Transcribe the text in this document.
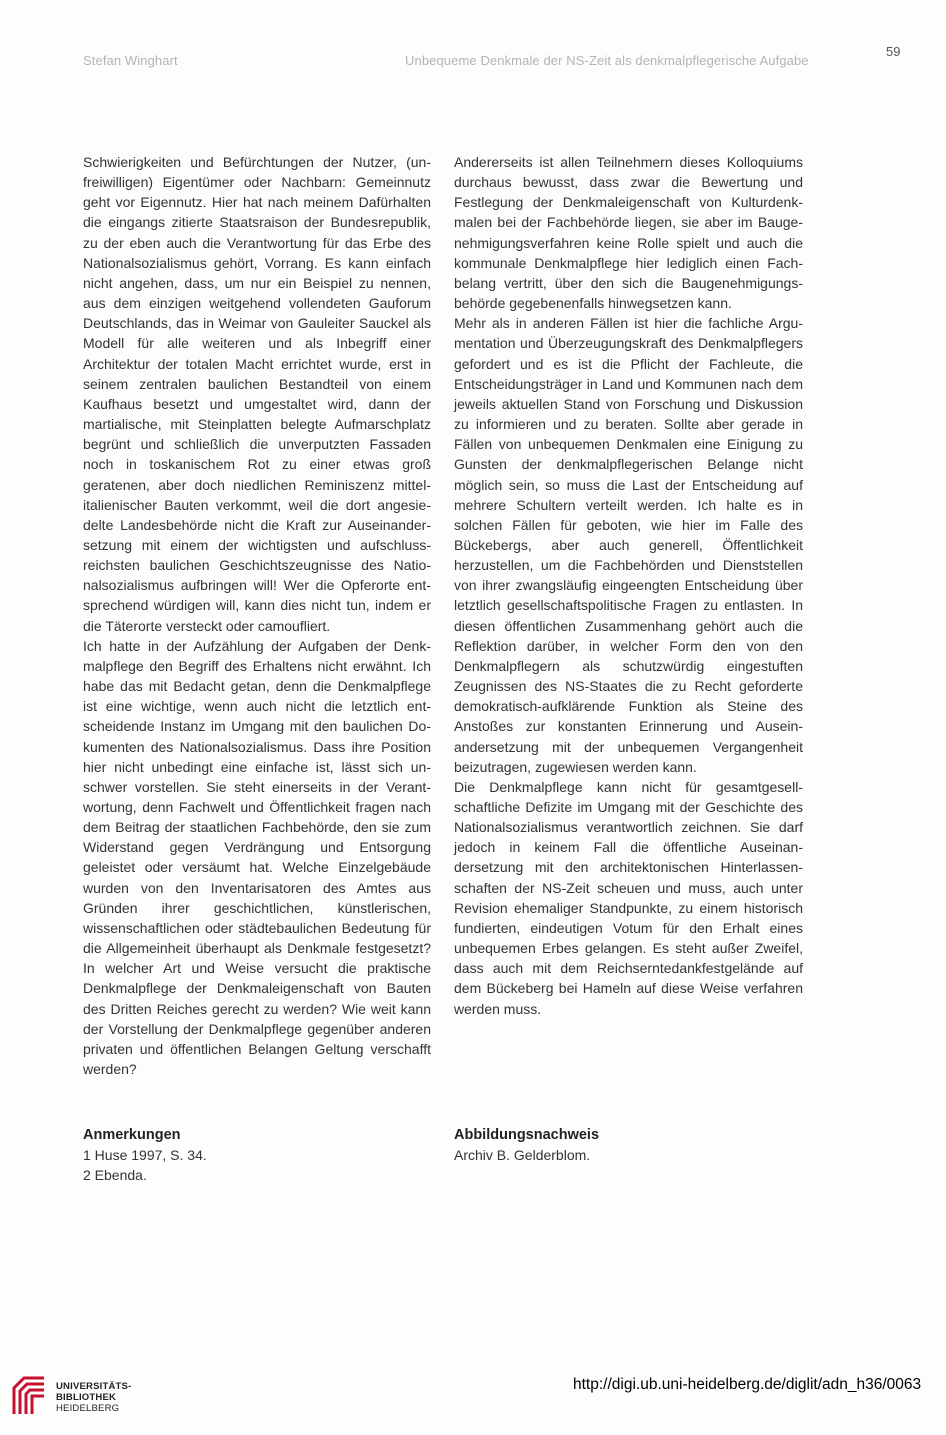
Stefan Winghart	Unbequeme Denkmale der NS-Zeit als denkmalpflegerische Aufgabe
59

Schwierigkeiten und Befürchtungen der Nutzer, (unfreiwilligen) Eigentümer oder Nachbarn: Gemeinnutz geht vor Eigennutz. Hier hat nach meinem Dafürhalten die eingangs zitierte Staatsraison der Bundesrepublik, zu der eben auch die Verantwortung für das Erbe des Nationalsozialismus gehört, Vorrang. Es kann einfach nicht angehen, dass, um nur ein Beispiel zu nennen, aus dem einzigen weitgehend vollendeten Gauforum Deutschlands, das in Weimar von Gauleiter Sauckel als Modell für alle weiteren und als Inbegriff einer Architektur der totalen Macht errichtet wurde, erst in seinem zentralen baulichen Bestandteil von einem Kaufhaus besetzt und umgestaltet wird, dann der martialische, mit Steinplatten belegte Aufmarschplatz begrünt und schließlich die unverputzten Fassaden noch in toskanischem Rot zu einer etwas groß geratenen, aber doch niedlichen Reminiszenz mittelitalienischer Bauten verkommt, weil die dort angesiedelte Landesbehörde nicht die Kraft zur Auseinandersetzung mit einem der wichtigsten und aufschlussreichsten baulichen Geschichtszeugnisse des Nationalsozialismus aufbringen will! Wer die Opferorte entsprechend würdigen will, kann dies nicht tun, indem er die Täterorte versteckt oder camoufliert.

Ich hatte in der Aufzählung der Aufgaben der Denkmalpflege den Begriff des Erhaltens nicht erwähnt. Ich habe das mit Bedacht getan, denn die Denkmalpflege ist eine wichtige, wenn auch nicht die letztlich entscheidende Instanz im Umgang mit den baulichen Dokumenten des Nationalsozialismus. Dass ihre Position hier nicht unbedingt eine einfache ist, lässt sich unschwer vorstellen. Sie steht einerseits in der Verantwortung, denn Fachwelt und Öffentlichkeit fragen nach dem Beitrag der staatlichen Fachbehörde, den sie zum Widerstand gegen Verdrängung und Entsorgung geleistet oder versäumt hat. Welche Einzelgebäude wurden von den Inventarisatoren des Amtes aus Gründen ihrer geschichtlichen, künstlerischen, wissenschaftlichen oder städtebaulichen Bedeutung für die Allgemeinheit überhaupt als Denkmale festgesetzt? In welcher Art und Weise versucht die praktische Denkmalpflege der Denkmaleigenschaft von Bauten des Dritten Reiches gerecht zu werden? Wie weit kann der Vorstellung der Denkmalpflege gegenüber anderen privaten und öffentlichen Belangen Geltung verschafft werden?

Andererseits ist allen Teilnehmern dieses Kolloquiums durchaus bewusst, dass zwar die Bewertung und Festlegung der Denkmaleigenschaft von Kulturdenkmalen bei der Fachbehörde liegen, sie aber im Baugenehmigungsverfahren keine Rolle spielt und auch die kommunale Denkmalpflege hier lediglich einen Fachbelang vertritt, über den sich die Baugenehmigungsbehörde gegebenenfalls hinwegsetzen kann.

Mehr als in anderen Fällen ist hier die fachliche Argumentation und Überzeugungskraft des Denkmalpflegers gefordert und es ist die Pflicht der Fachleute, die Entscheidungsträger in Land und Kommunen nach dem jeweils aktuellen Stand von Forschung und Diskussion zu informieren und zu beraten. Sollte aber gerade in Fällen von unbequemen Denkmalen eine Einigung zu Gunsten der denkmalpflegerischen Belange nicht möglich sein, so muss die Last der Entscheidung auf mehrere Schultern verteilt werden. Ich halte es in solchen Fällen für geboten, wie hier im Falle des Bückebergs, aber auch generell, Öffentlichkeit herzustellen, um die Fachbehörden und Dienststellen von ihrer zwangsläufig eingeengten Entscheidung über letztlich gesellschaftspolitische Fragen zu entlasten. In diesen öffentlichen Zusammenhang gehört auch die Reflektion darüber, in welcher Form den von den Denkmalpflegern als schutzwürdig eingestuften Zeugnissen des NS-Staates die zu Recht geforderte demokratisch-aufklärende Funktion als Steine des Anstoßes zur konstanten Erinnerung und Auseinandersetzung mit der unbequemen Vergangenheit beizutragen, zugewiesen werden kann.

Die Denkmalpflege kann nicht für gesamtgesellschaftliche Defizite im Umgang mit der Geschichte des Nationalsozialismus verantwortlich zeichnen. Sie darf jedoch in keinem Fall die öffentliche Auseinandersetzung mit den architektonischen Hinterlassenschaften der NS-Zeit scheuen und muss, auch unter Revision ehemaliger Standpunkte, zu einem historisch fundierten, eindeutigen Votum für den Erhalt eines unbequemen Erbes gelangen. Es steht außer Zweifel, dass auch mit dem Reichserntedankfestgelände auf dem Bückeberg bei Hameln auf diese Weise verfahren werden muss.

Anmerkungen
1 Huse 1997, S. 34.
2 Ebenda.
Abbildungsnachweis
Archiv B. Gelderblom.
UNIVERSITÄTS-
BIBLIOTHEK
HEIDELBERG
http://digi.ub.uni-heidelberg.de/diglit/adn_h36/0063
